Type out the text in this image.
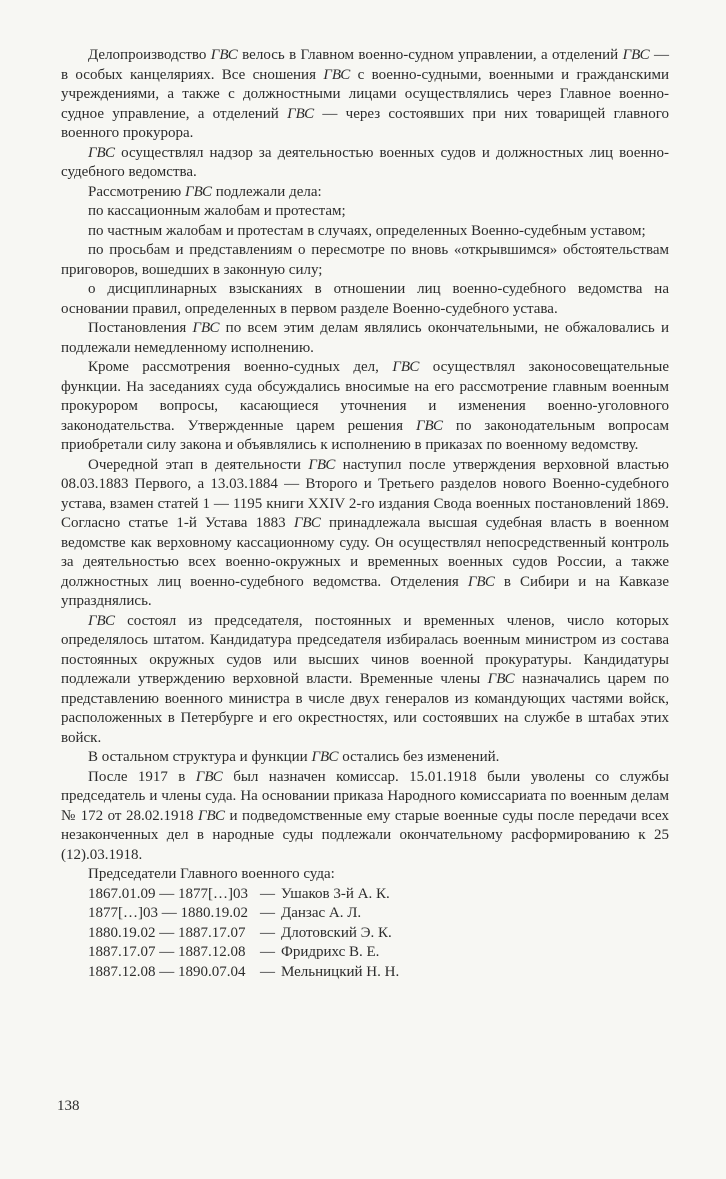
Делопроизводство ГВС велось в Главном военно-судном управлении, а отделений ГВС — в особых канцеляриях. Все сношения ГВС с военно-судными, военными и гражданскими учреждениями, а также с должностными лицами осуществлялись через Главное военно-судное управление, а отделений ГВС — через состоявших при них товарищей главного военного прокурора.

ГВС осуществлял надзор за деятельностью военных судов и должностных лиц военно-судебного ведомства.

Рассмотрению ГВС подлежали дела:

по кассационным жалобам и протестам;

по частным жалобам и протестам в случаях, определенных Военно-судебным уставом;

по просьбам и представлениям о пересмотре по вновь «открывшимся» обстоятельствам приговоров, вошедших в законную силу;

о дисциплинарных взысканиях в отношении лиц военно-судебного ведомства на основании правил, определенных в первом разделе Военно-судебного устава.

Постановления ГВС по всем этим делам являлись окончательными, не обжаловались и подлежали немедленному исполнению.

Кроме рассмотрения военно-судных дел, ГВС осуществлял законосовещательные функции. На заседаниях суда обсуждались вносимые на его рассмотрение главным военным прокурором вопросы, касающиеся уточнения и изменения военно-уголовного законодательства. Утвержденные царем решения ГВС по законодательным вопросам приобретали силу закона и объявлялись к исполнению в приказах по военному ведомству.

Очередной этап в деятельности ГВС наступил после утверждения верховной властью 08.03.1883 Первого, а 13.03.1884 — Второго и Третьего разделов нового Военно-судебного устава, взамен статей 1 — 1195 книги XXIV 2-го издания Свода военных постановлений 1869. Согласно статье 1-й Устава 1883 ГВС принадлежала высшая судебная власть в военном ведомстве как верховному кассационному суду. Он осуществлял непосредственный контроль за деятельностью всех военно-окружных и временных военных судов России, а также должностных лиц военно-судебного ведомства. Отделения ГВС в Сибири и на Кавказе упразднялись.

ГВС состоял из председателя, постоянных и временных членов, число которых определялось штатом. Кандидатура председателя избиралась военным министром из состава постоянных окружных судов или высших чинов военной прокуратуры. Кандидатуры подлежали утверждению верховной власти. Временные члены ГВС назначались царем по представлению военного министра в числе двух генералов из командующих частями войск, расположенных в Петербурге и его окрестностях, или состоявших на службе в штабах этих войск.

В остальном структура и функции ГВС остались без изменений.

После 1917 в ГВС был назначен комиссар. 15.01.1918 были уволены со службы председатель и члены суда. На основании приказа Народного комиссариата по военным делам № 172 от 28.02.1918 ГВС и подведомственные ему старые военные суды после передачи всех незаконченных дел в народные суды подлежали окончательному расформированию к 25 (12).03.1918.

Председатели Главного военного суда:

1867.01.09 — 1877[…]03 — Ушаков 3-й А. К.
1877[…]03 — 1880.19.02 — Данзас А. Л.
1880.19.02 — 1887.17.07 — Длотовский Э. К.
1887.17.07 — 1887.12.08 — Фридрихс В. Е.
1887.12.08 — 1890.07.04 — Мельницкий Н. Н.
138
